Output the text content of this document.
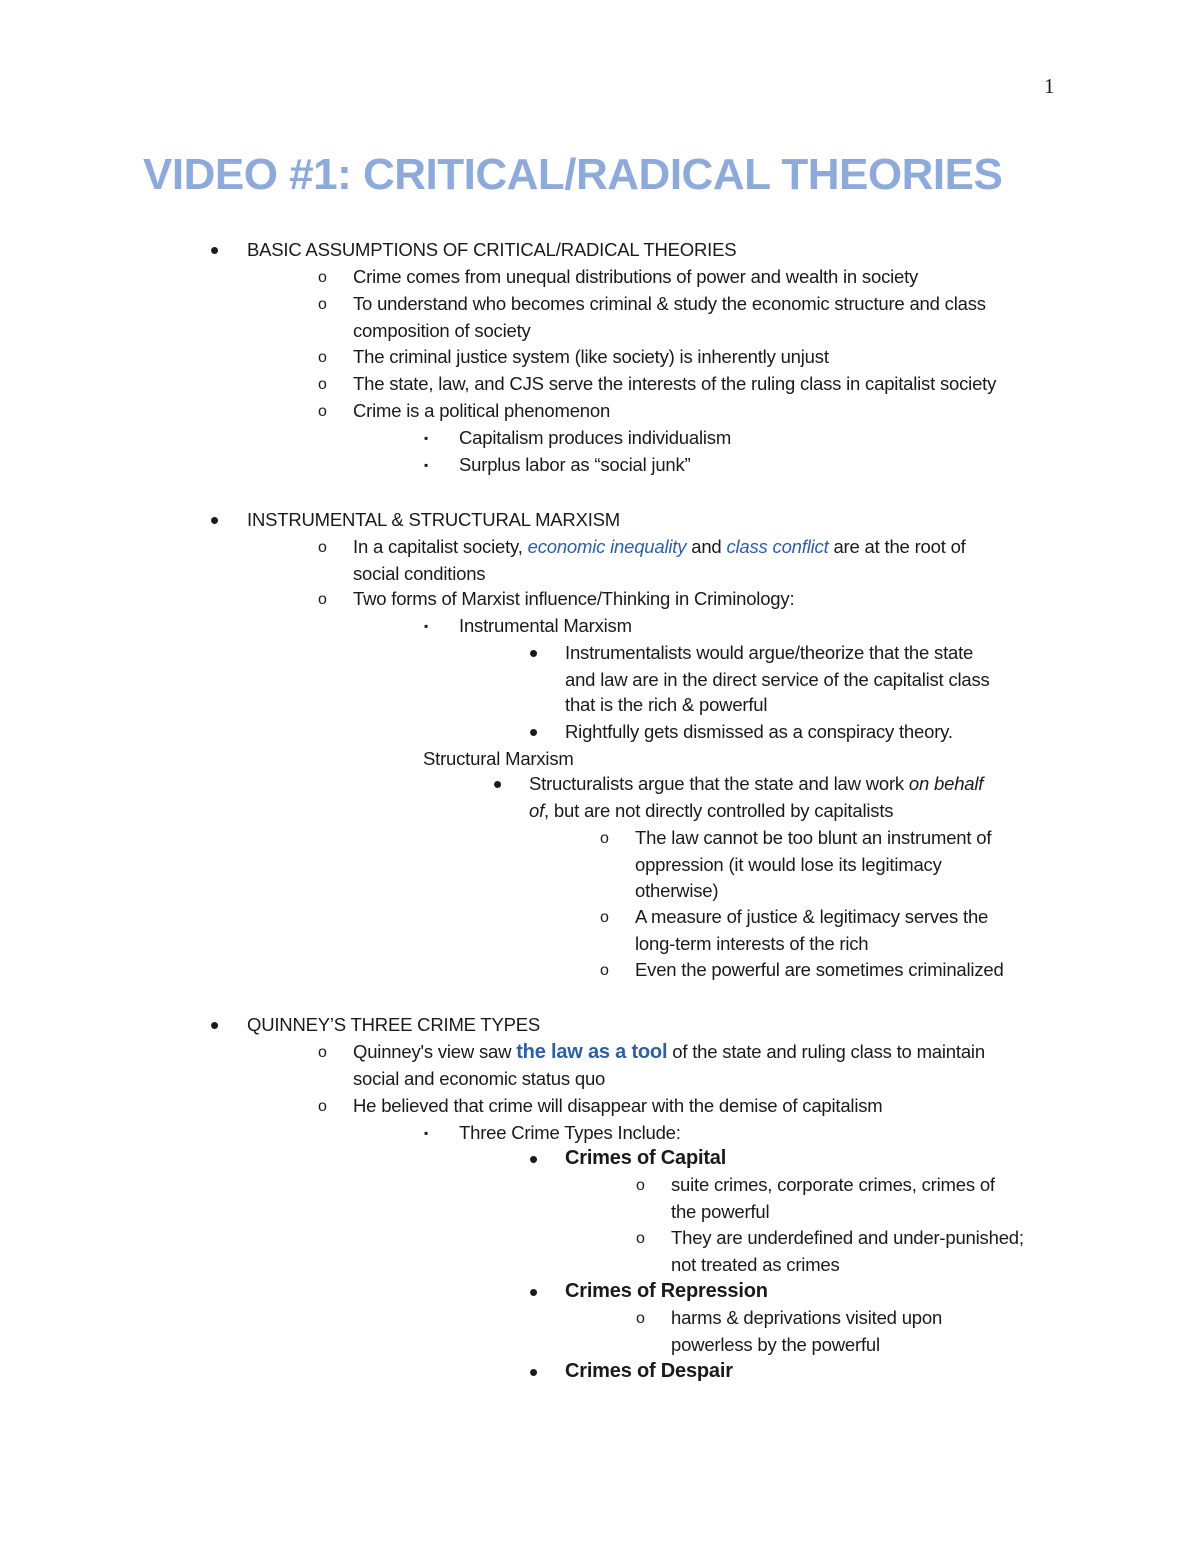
1
VIDEO #1: CRITICAL/RADICAL THEORIES
• BASIC ASSUMPTIONS OF CRITICAL/RADICAL THEORIES
o Crime comes from unequal distributions of power and wealth in society
o To understand who becomes criminal & study the economic structure and class
composition of society
o The criminal justice system (like society) is inherently unjust
o The state, law, and CJS serve the interests of the ruling class in capitalist society
o Crime is a political phenomenon
▪ Capitalism produces individualism
▪ Surplus labor as “social junk”
• INSTRUMENTAL & STRUCTURAL MARXISM
o In a capitalist society, economic inequality and class conflict are at the root of
social conditions
o Two forms of Marxist influence/Thinking in Criminology:
▪ Instrumental Marxism
• Instrumentalists would argue/theorize that the state
and law are in the direct service of the capitalist class
that is the rich & powerful
• Rightfully gets dismissed as a conspiracy theory.
Structural Marxism
• Structuralists argue that the state and law work on behalf
of, but are not directly controlled by capitalists
o The law cannot be too blunt an instrument of
oppression (it would lose its legitimacy
otherwise)
o A measure of justice & legitimacy serves the
long-term interests of the rich
o Even the powerful are sometimes criminalized
• QUINNEY’S THREE CRIME TYPES
o Quinney's view saw the law as a tool of the state and ruling class to maintain
social and economic status quo
o He believed that crime will disappear with the demise of capitalism
▪ Three Crime Types Include:
• Crimes of Capital
o suite crimes, corporate crimes, crimes of
the powerful
o They are underdefined and under-punished;
not treated as crimes
• Crimes of Repression
o harms & deprivations visited upon
powerless by the powerful
• Crimes of Despair
